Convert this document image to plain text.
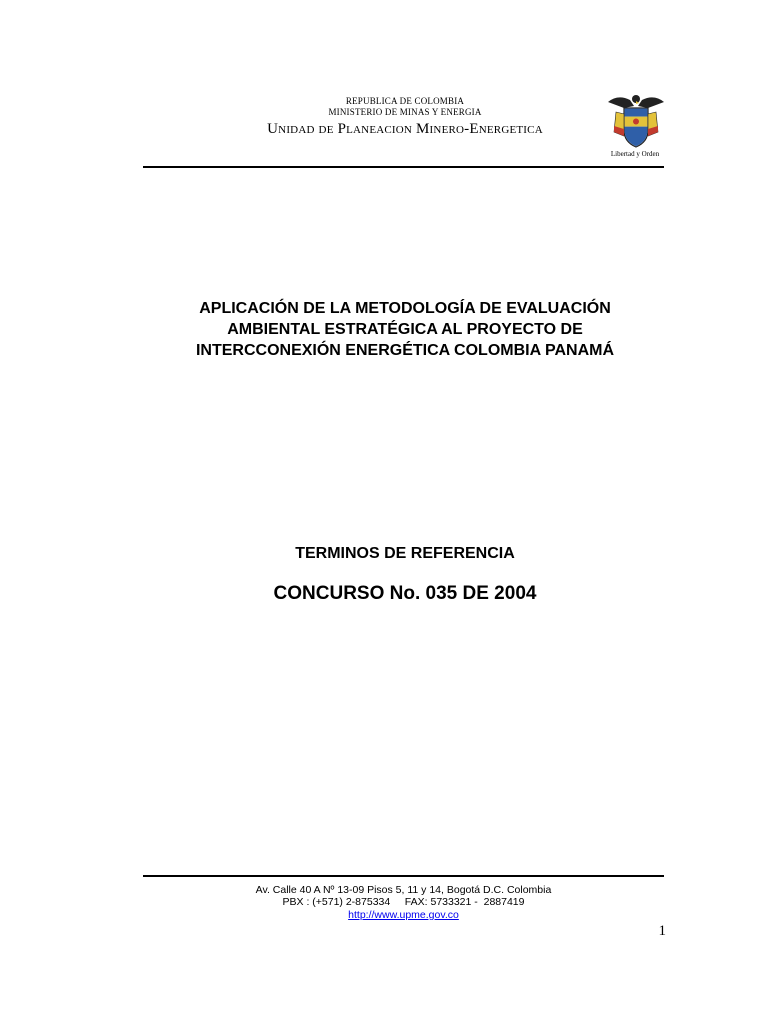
REPUBLICA DE COLOMBIA
MINISTERIO DE MINAS Y ENERGIA
Unidad de Planeacion Minero-Energetica
Libertad y Orden
APLICACIÓN DE LA METODOLOGÍA DE EVALUACIÓN
AMBIENTAL ESTRATÉGICA AL PROYECTO DE
INTERCCONEXIÓN ENERGÉTICA COLOMBIA PANAMÁ
TERMINOS DE REFERENCIA
CONCURSO No. 035 DE 2004
Av. Calle 40 A Nº 13-09 Pisos 5, 11 y 14, Bogotá D.C. Colombia
PBX : (+571) 2-875334     FAX: 5733321 -  2887419
http://www.upme.gov.co
1
